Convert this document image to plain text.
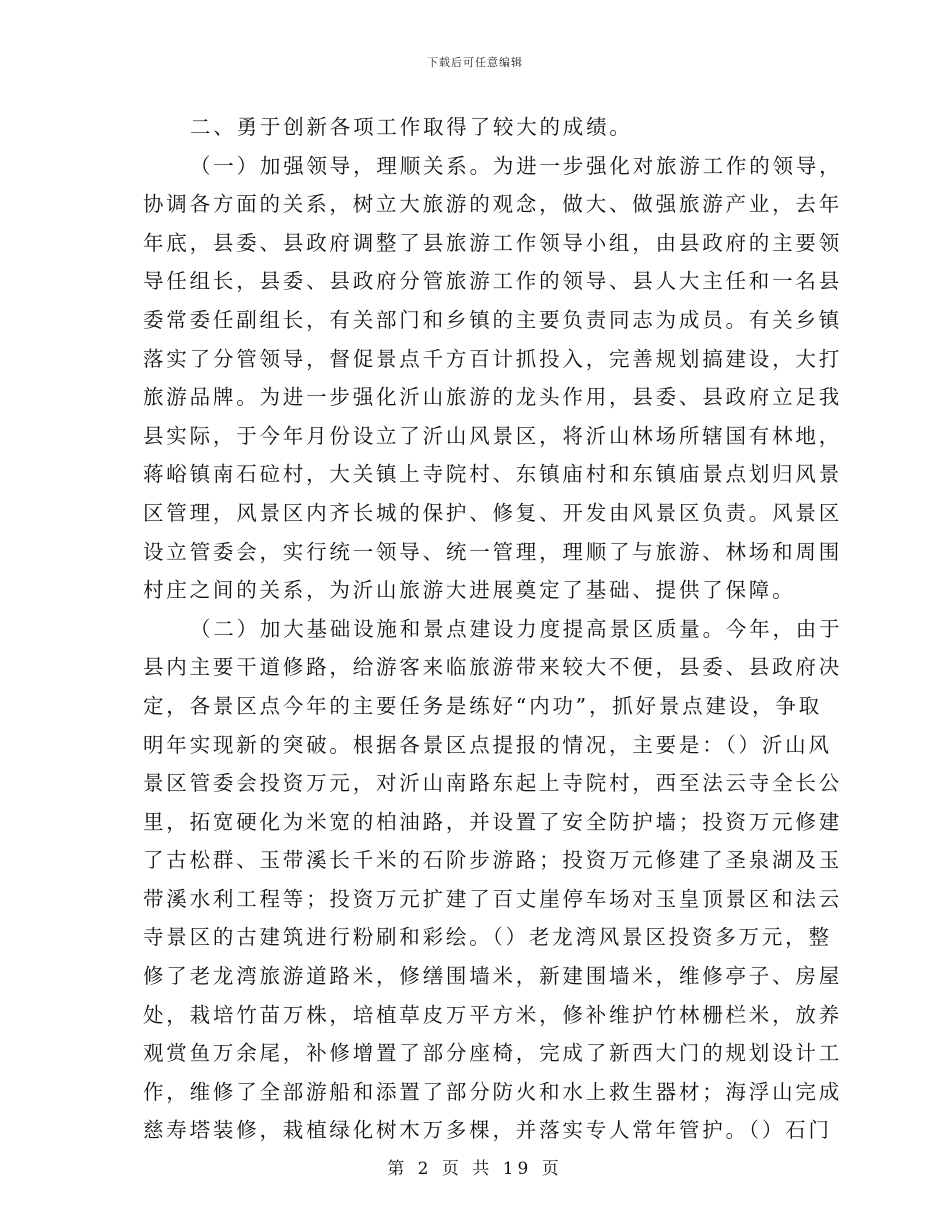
下载后可任意编辑
二、勇于创新各项工作取得了较大的成绩。
（一）加强领导，理顺关系。为进一步强化对旅游工作的领导，
协调各方面的关系，树立大旅游的观念，做大、做强旅游产业，去年
年底，县委、县政府调整了县旅游工作领导小组，由县政府的主要领
导任组长，县委、县政府分管旅游工作的领导、县人大主任和一名县
委常委任副组长，有关部门和乡镇的主要负责同志为成员。有关乡镇
落实了分管领导，督促景点千方百计抓投入，完善规划搞建设，大打
旅游品牌。为进一步强化沂山旅游的龙头作用，县委、县政府立足我
县实际，于今年月份设立了沂山风景区，将沂山林场所辖国有林地，
蒋峪镇南石砬村，大关镇上寺院村、东镇庙村和东镇庙景点划归风景
区管理，风景区内齐长城的保护、修复、开发由风景区负责。风景区
设立管委会，实行统一领导、统一管理，理顺了与旅游、林场和周围
村庄之间的关系，为沂山旅游大进展奠定了基础、提供了保障。
（二）加大基础设施和景点建设力度提高景区质量。今年，由于
县内主要干道修路，给游客来临旅游带来较大不便，县委、县政府决
定，各景区点今年的主要任务是练好“内功”，抓好景点建设，争取
明年实现新的突破。根据各景区点提报的情况，主要是：（）沂山风
景区管委会投资万元，对沂山南路东起上寺院村，西至法云寺全长公
里，拓宽硬化为米宽的柏油路，并设置了安全防护墙；投资万元修建
了古松群、玉带溪长千米的石阶步游路；投资万元修建了圣泉湖及玉
带溪水利工程等；投资万元扩建了百丈崖停车场对玉皇顶景区和法云
寺景区的古建筑进行粉刷和彩绘。（）老龙湾风景区投资多万元，整
修了老龙湾旅游道路米，修缮围墙米，新建围墙米，维修亭子、房屋
处，栽培竹苗万株，培植草皮万平方米，修补维护竹林栅栏米，放养
观赏鱼万余尾，补修增置了部分座椅，完成了新西大门的规划设计工
作，维修了全部游船和添置了部分防火和水上救生器材；海浮山完成
慈寿塔装修，栽植绿化树木万多棵，并落实专人常年管护。（）石门
第 2 页 共 19 页
